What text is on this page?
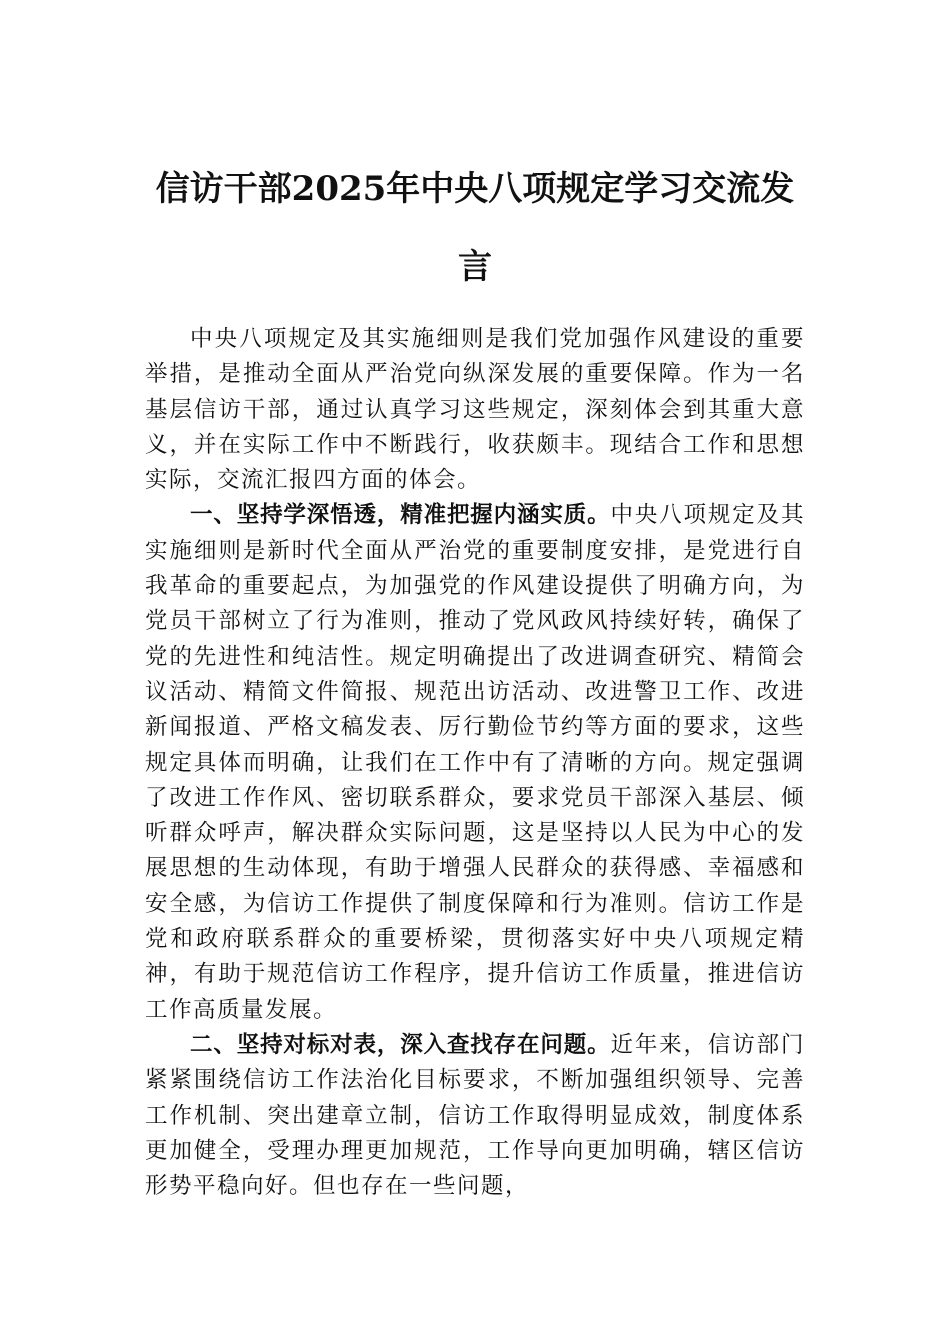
信访干部2025年中央八项规定学习交流发言

中央八项规定及其实施细则是我们党加强作风建设的重要举措，是推动全面从严治党向纵深发展的重要保障。作为一名基层信访干部，通过认真学习这些规定，深刻体会到其重大意义，并在实际工作中不断践行，收获颇丰。现结合工作和思想实际，交流汇报四方面的体会。

一、坚持学深悟透，精准把握内涵实质。中央八项规定及其实施细则是新时代全面从严治党的重要制度安排，是党进行自我革命的重要起点，为加强党的作风建设提供了明确方向，为党员干部树立了行为准则，推动了党风政风持续好转，确保了党的先进性和纯洁性。规定明确提出了改进调查研究、精简会议活动、精简文件简报、规范出访活动、改进警卫工作、改进新闻报道、严格文稿发表、厉行勤俭节约等方面的要求，这些规定具体而明确，让我们在工作中有了清晰的方向。规定强调了改进工作作风、密切联系群众，要求党员干部深入基层、倾听群众呼声，解决群众实际问题，这是坚持以人民为中心的发展思想的生动体现，有助于增强人民群众的获得感、幸福感和安全感，为信访工作提供了制度保障和行为准则。信访工作是党和政府联系群众的重要桥梁，贯彻落实好中央八项规定精神，有助于规范信访工作程序，提升信访工作质量，推进信访工作高质量发展。

二、坚持对标对表，深入查找存在问题。近年来，信访部门紧紧围绕信访工作法治化目标要求，不断加强组织领导、完善工作机制、突出建章立制，信访工作取得明显成效，制度体系更加健全，受理办理更加规范，工作导向更加明确，辖区信访形势平稳向好。但也存在一些问题，
